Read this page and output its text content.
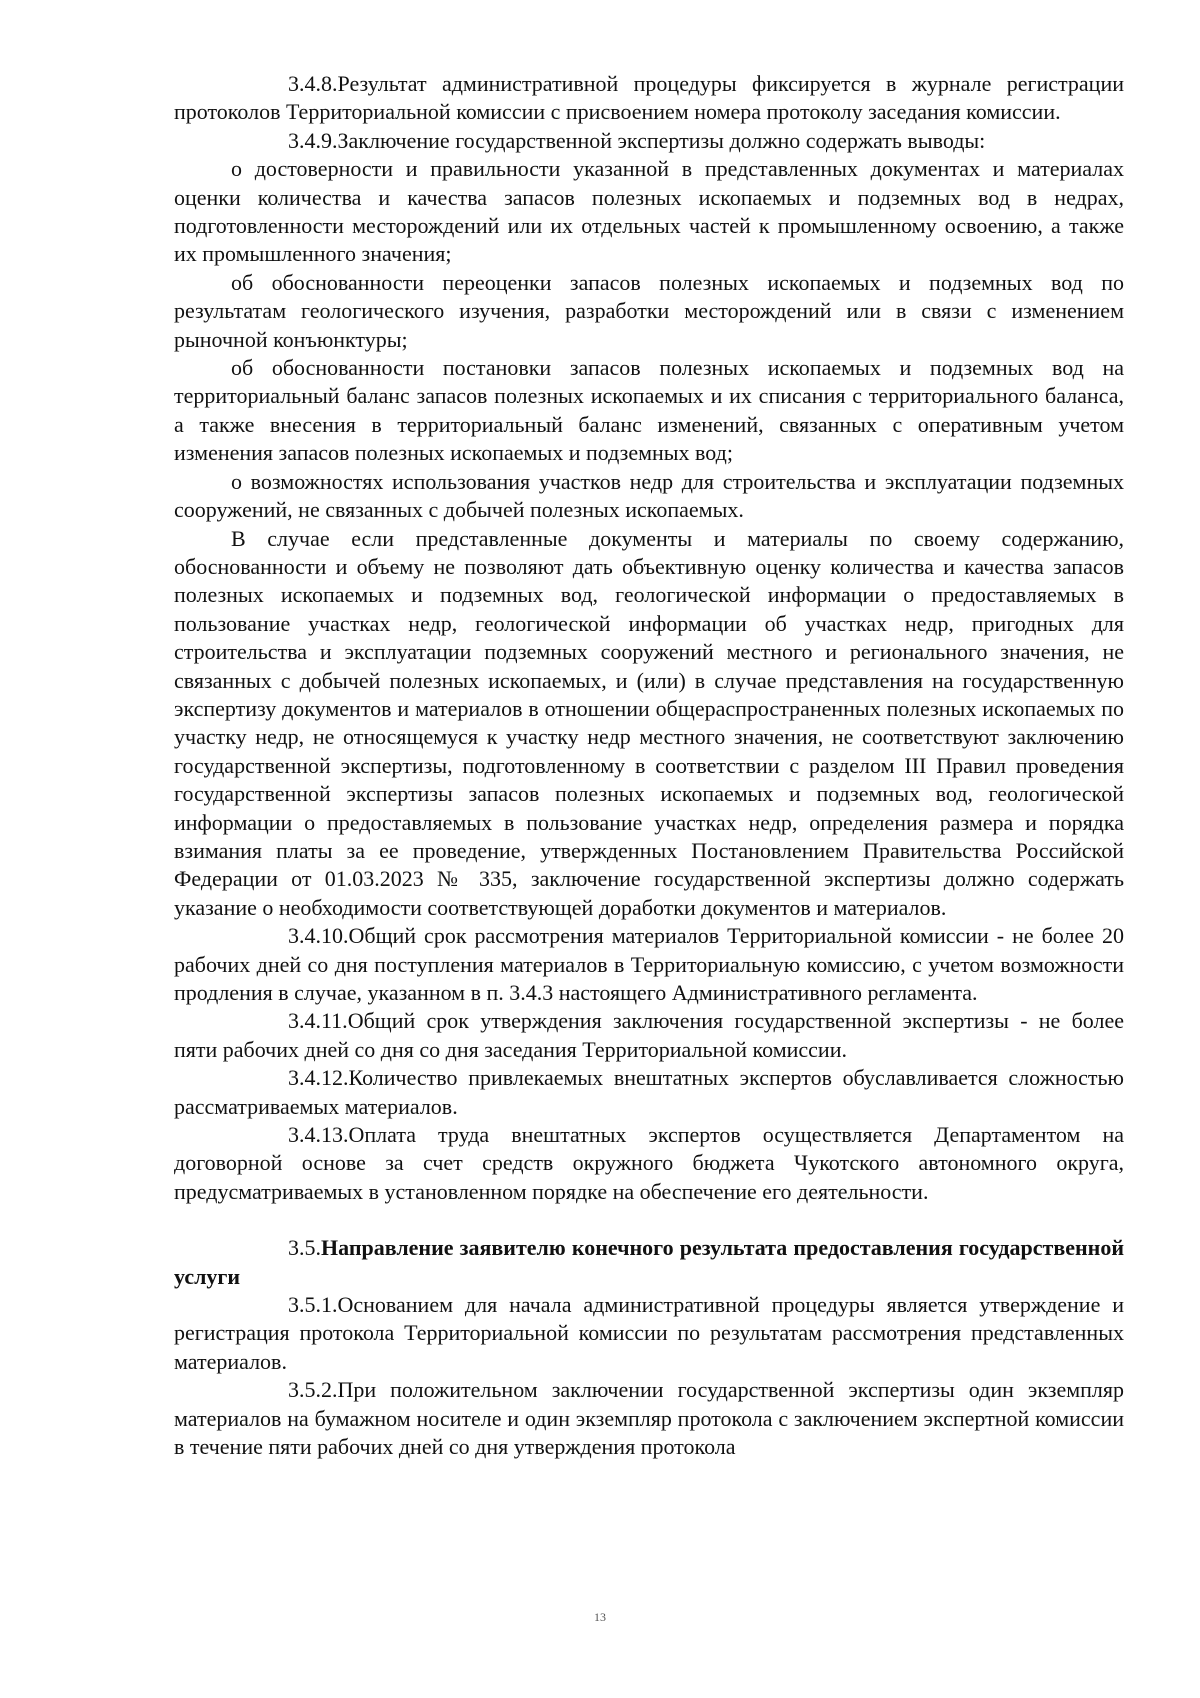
3.4.8.Результат административной процедуры фиксируется в журнале регистрации протоколов Территориальной комиссии с присвоением номера протоколу заседания комиссии.

3.4.9.Заключение государственной экспертизы должно содержать выводы:

о достоверности и правильности указанной в представленных документах и материалах оценки количества и качества запасов полезных ископаемых и подземных вод в недрах, подготовленности месторождений или их отдельных частей к промышленному освоению, а также их промышленного значения;

об обоснованности переоценки запасов полезных ископаемых и подземных вод по результатам геологического изучения, разработки месторождений или в связи с изменением рыночной конъюнктуры;

об обоснованности постановки запасов полезных ископаемых и подземных вод на территориальный баланс запасов полезных ископаемых и их списания с территориального баланса, а также внесения в территориальный баланс изменений, связанных с оперативным учетом изменения запасов полезных ископаемых и подземных вод;

о возможностях использования участков недр для строительства и эксплуатации подземных сооружений, не связанных с добычей полезных ископаемых.

В случае если представленные документы и материалы по своему содержанию, обоснованности и объему не позволяют дать объективную оценку количества и качества запасов полезных ископаемых и подземных вод, геологической информации о предоставляемых в пользование участках недр, геологической информации об участках недр, пригодных для строительства и эксплуатации подземных сооружений местного и регионального значения, не связанных с добычей полезных ископаемых, и (или) в случае представления на государственную экспертизу документов и материалов в отношении общераспространенных полезных ископаемых по участку недр, не относящемуся к участку недр местного значения, не соответствуют заключению государственной экспертизы, подготовленному в соответствии с разделом III Правил проведения государственной экспертизы запасов полезных ископаемых и подземных вод, геологической информации о предоставляемых в пользование участках недр, определения размера и порядка взимания платы за ее проведение, утвержденных Постановлением Правительства Российской Федерации от 01.03.2023 № 335, заключение государственной экспертизы должно содержать указание о необходимости соответствующей доработки документов и материалов.

3.4.10.Общий срок рассмотрения материалов Территориальной комиссии - не более 20 рабочих дней со дня поступления материалов в Территориальную комиссию, с учетом возможности продления в случае, указанном в п. 3.4.3 настоящего Административного регламента.

3.4.11.Общий срок утверждения заключения государственной экспертизы - не более пяти рабочих дней со дня со дня заседания Территориальной комиссии.

3.4.12.Количество привлекаемых внештатных экспертов обуславливается сложностью рассматриваемых материалов.

3.4.13.Оплата труда внештатных экспертов осуществляется Департаментом на договорной основе за счет средств окружного бюджета Чукотского автономного округа, предусматриваемых в установленном порядке на обеспечение его деятельности.

3.5.Направление заявителю конечного результата предоставления государственной услуги

3.5.1.Основанием для начала административной процедуры является утверждение и регистрация протокола Территориальной комиссии по результатам рассмотрения представленных материалов.

3.5.2.При положительном заключении государственной экспертизы один экземпляр материалов на бумажном носителе и один экземпляр протокола с заключением экспертной комиссии в течение пяти рабочих дней со дня утверждения протокола

13
